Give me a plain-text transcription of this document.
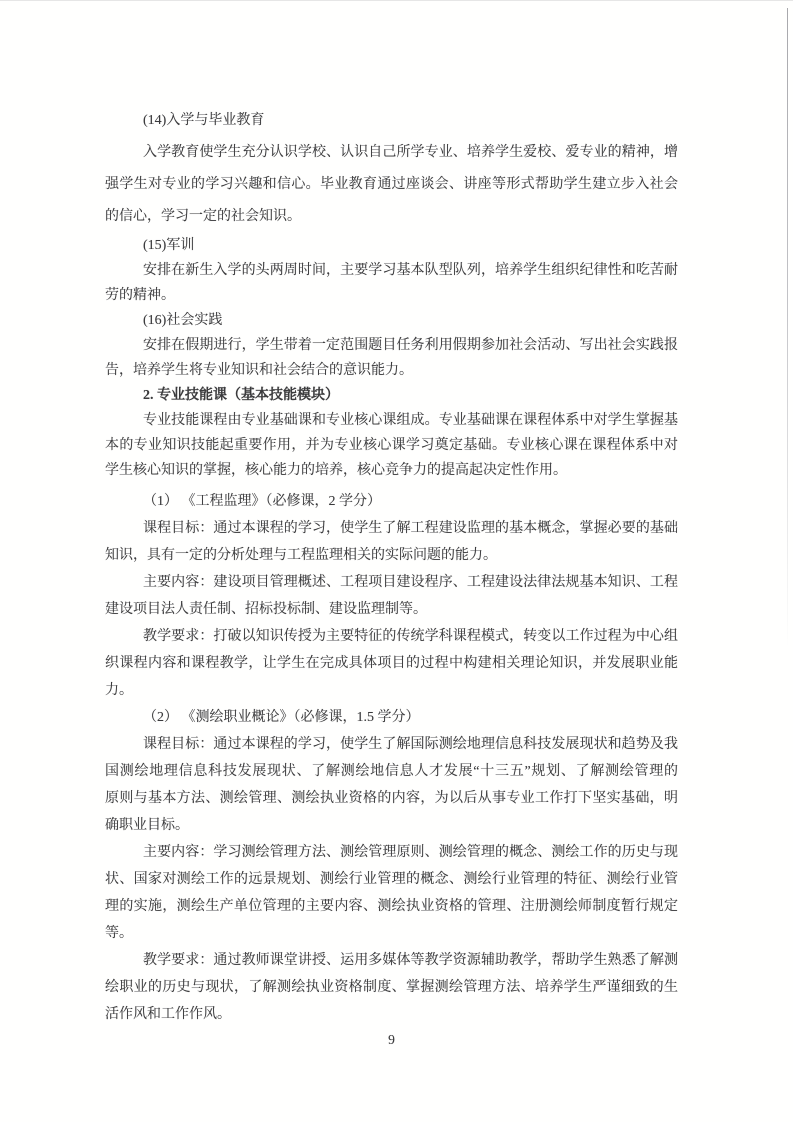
(14)入学与毕业教育
入学教育使学生充分认识学校、认识自己所学专业、培养学生爱校、爱专业的精神，增
强学生对专业的学习兴趣和信心。毕业教育通过座谈会、讲座等形式帮助学生建立步入社会
的信心，学习一定的社会知识。
(15)军训
安排在新生入学的头两周时间，主要学习基本队型队列，培养学生组织纪律性和吃苦耐
劳的精神。
(16)社会实践
安排在假期进行，学生带着一定范围题目任务利用假期参加社会活动、写出社会实践报
告，培养学生将专业知识和社会结合的意识能力。
2. 专业技能课（基本技能模块）
专业技能课程由专业基础课和专业核心课组成。专业基础课在课程体系中对学生掌握基
本的专业知识技能起重要作用，并为专业核心课学习奠定基础。专业核心课在课程体系中对
学生核心知识的掌握，核心能力的培养，核心竞争力的提高起决定性作用。
（1） 《工程监理》（必修课，2 学分）
课程目标：通过本课程的学习，使学生了解工程建设监理的基本概念，掌握必要的基础
知识，具有一定的分析处理与工程监理相关的实际问题的能力。
主要内容：建设项目管理概述、工程项目建设程序、工程建设法律法规基本知识、工程
建设项目法人责任制、招标投标制、建设监理制等。
教学要求：打破以知识传授为主要特征的传统学科课程模式，转变以工作过程为中心组
织课程内容和课程教学，让学生在完成具体项目的过程中构建相关理论知识，并发展职业能
力。
（2） 《测绘职业概论》（必修课，1.5 学分）
课程目标：通过本课程的学习，使学生了解国际测绘地理信息科技发展现状和趋势及我
国测绘地理信息科技发展现状、了解测绘地信息人才发展“十三五”规划、了解测绘管理的
原则与基本方法、测绘管理、测绘执业资格的内容，为以后从事专业工作打下坚实基础，明
确职业目标。
主要内容：学习测绘管理方法、测绘管理原则、测绘管理的概念、测绘工作的历史与现
状、国家对测绘工作的远景规划、测绘行业管理的概念、测绘行业管理的特征、测绘行业管
理的实施，测绘生产单位管理的主要内容、测绘执业资格的管理、注册测绘师制度暂行规定
等。
教学要求：通过教师课堂讲授、运用多媒体等教学资源辅助教学，帮助学生熟悉了解测
绘职业的历史与现状，了解测绘执业资格制度、掌握测绘管理方法、培养学生严谨细致的生
活作风和工作作风。
9
